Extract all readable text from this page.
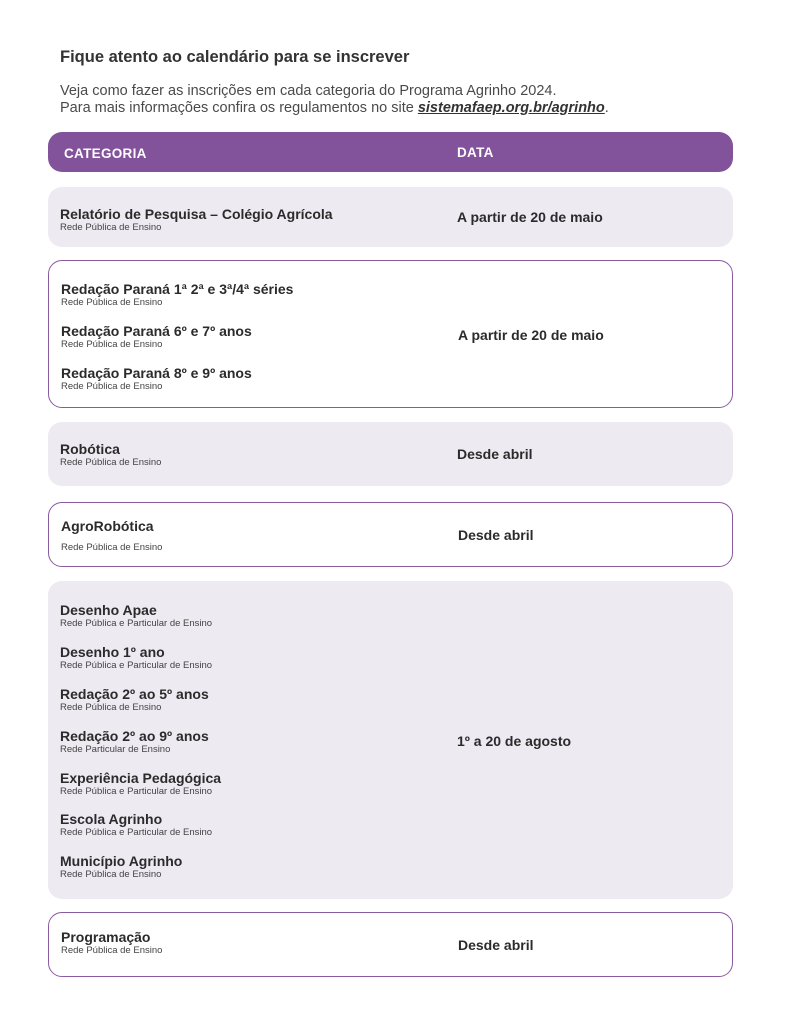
Fique atento ao calendário para se inscrever
Veja como fazer as inscrições em cada categoria do Programa Agrinho 2024.
Para mais informações confira os regulamentos no site sistemafaep.org.br/agrinho.
CATEGORIA	DATA
Relatório de Pesquisa – Colégio Agrícola
Rede Pública de Ensino
A partir de 20 de maio
Redação Paraná 1ª 2ª e 3ª/4ª séries
Rede Pública de Ensino
Redação Paraná 6º e 7º anos
Rede Pública de Ensino
Redação Paraná 8º e 9º anos
Rede Pública de Ensino
A partir de 20 de maio
Robótica
Rede Pública de Ensino
Desde abril
AgroRobótica
Rede Pública de Ensino
Desde abril
Desenho Apae
Rede Pública e Particular de Ensino
Desenho 1º ano
Rede Pública e Particular de Ensino
Redação 2º ao 5º anos
Rede Pública de Ensino
Redação 2º ao 9º anos
Rede Particular de Ensino
Experiência Pedagógica
Rede Pública e Particular de Ensino
Escola Agrinho
Rede Pública e Particular de Ensino
Município Agrinho
Rede Pública de Ensino
1º a 20 de agosto
Programação
Rede Pública de Ensino	Desde abril
